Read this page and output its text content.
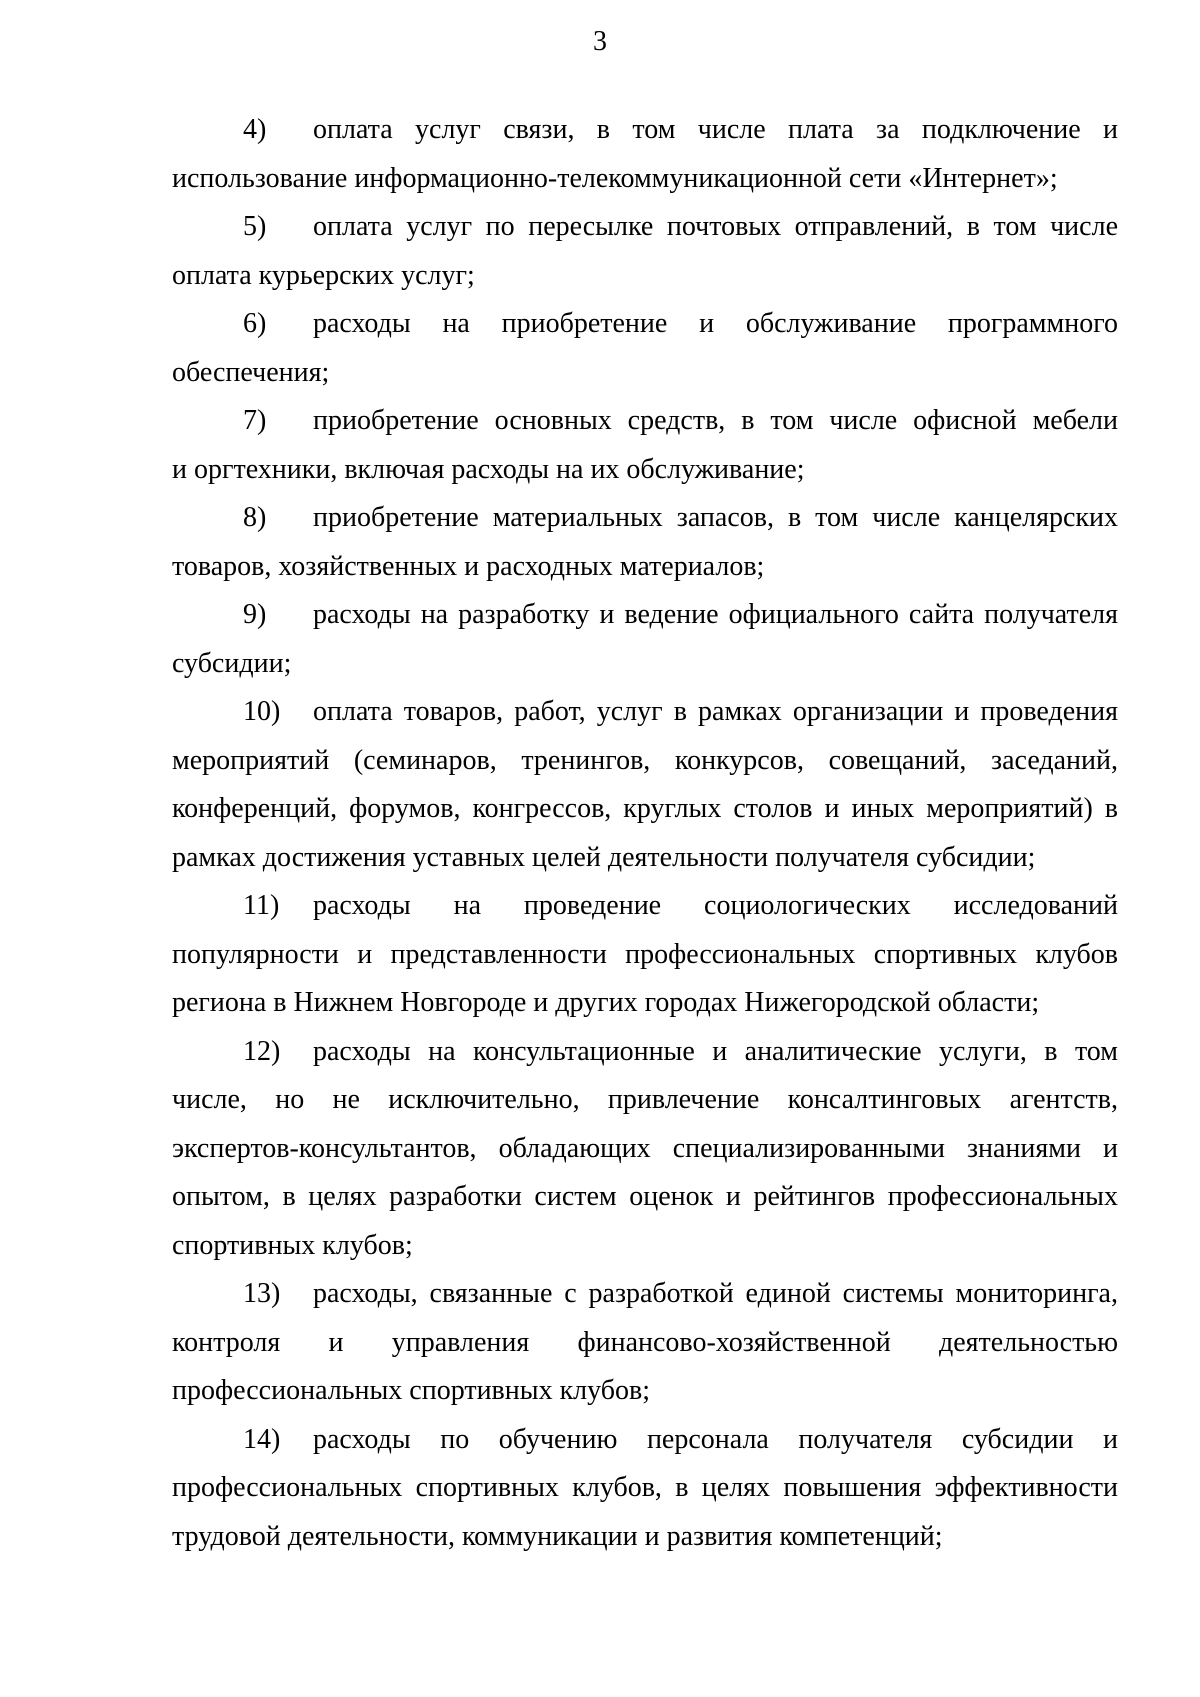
3

4) оплата услуг связи, в том числе плата за подключение и
использование информационно-телекоммуникационной сети «Интернет»;

5) оплата услуг по пересылке почтовых отправлений, в том числе
оплата курьерских услуг;

6) расходы на приобретение и обслуживание программного
обеспечения;

7) приобретение основных средств, в том числе офисной мебели
и оргтехники, включая расходы на их обслуживание;

8) приобретение материальных запасов, в том числе канцелярских
товаров, хозяйственных и расходных материалов;

9) расходы на разработку и ведение официального сайта получателя
субсидии;

10) оплата товаров, работ, услуг в рамках организации и проведения
мероприятий (семинаров, тренингов, конкурсов, совещаний, заседаний, конференций, форумов, конгрессов, круглых столов и иных мероприятий) в рамках достижения уставных целей деятельности получателя субсидии;

11) расходы на проведение социологических исследований
популярности и представленности профессиональных спортивных клубов региона в Нижнем Новгороде и других городах Нижегородской области;

12) расходы на консультационные и аналитические услуги, в том
числе, но не исключительно, привлечение консалтинговых агентств, экспертов-консультантов, обладающих специализированными знаниями и опытом, в целях разработки систем оценок и рейтингов профессиональных спортивных клубов;

13) расходы, связанные с разработкой единой системы мониторинга,
контроля и управления финансово-хозяйственной деятельностью профессиональных спортивных клубов;

14) расходы по обучению персонала получателя субсидии и
профессиональных спортивных клубов, в целях повышения эффективности трудовой деятельности, коммуникации и развития компетенций;
